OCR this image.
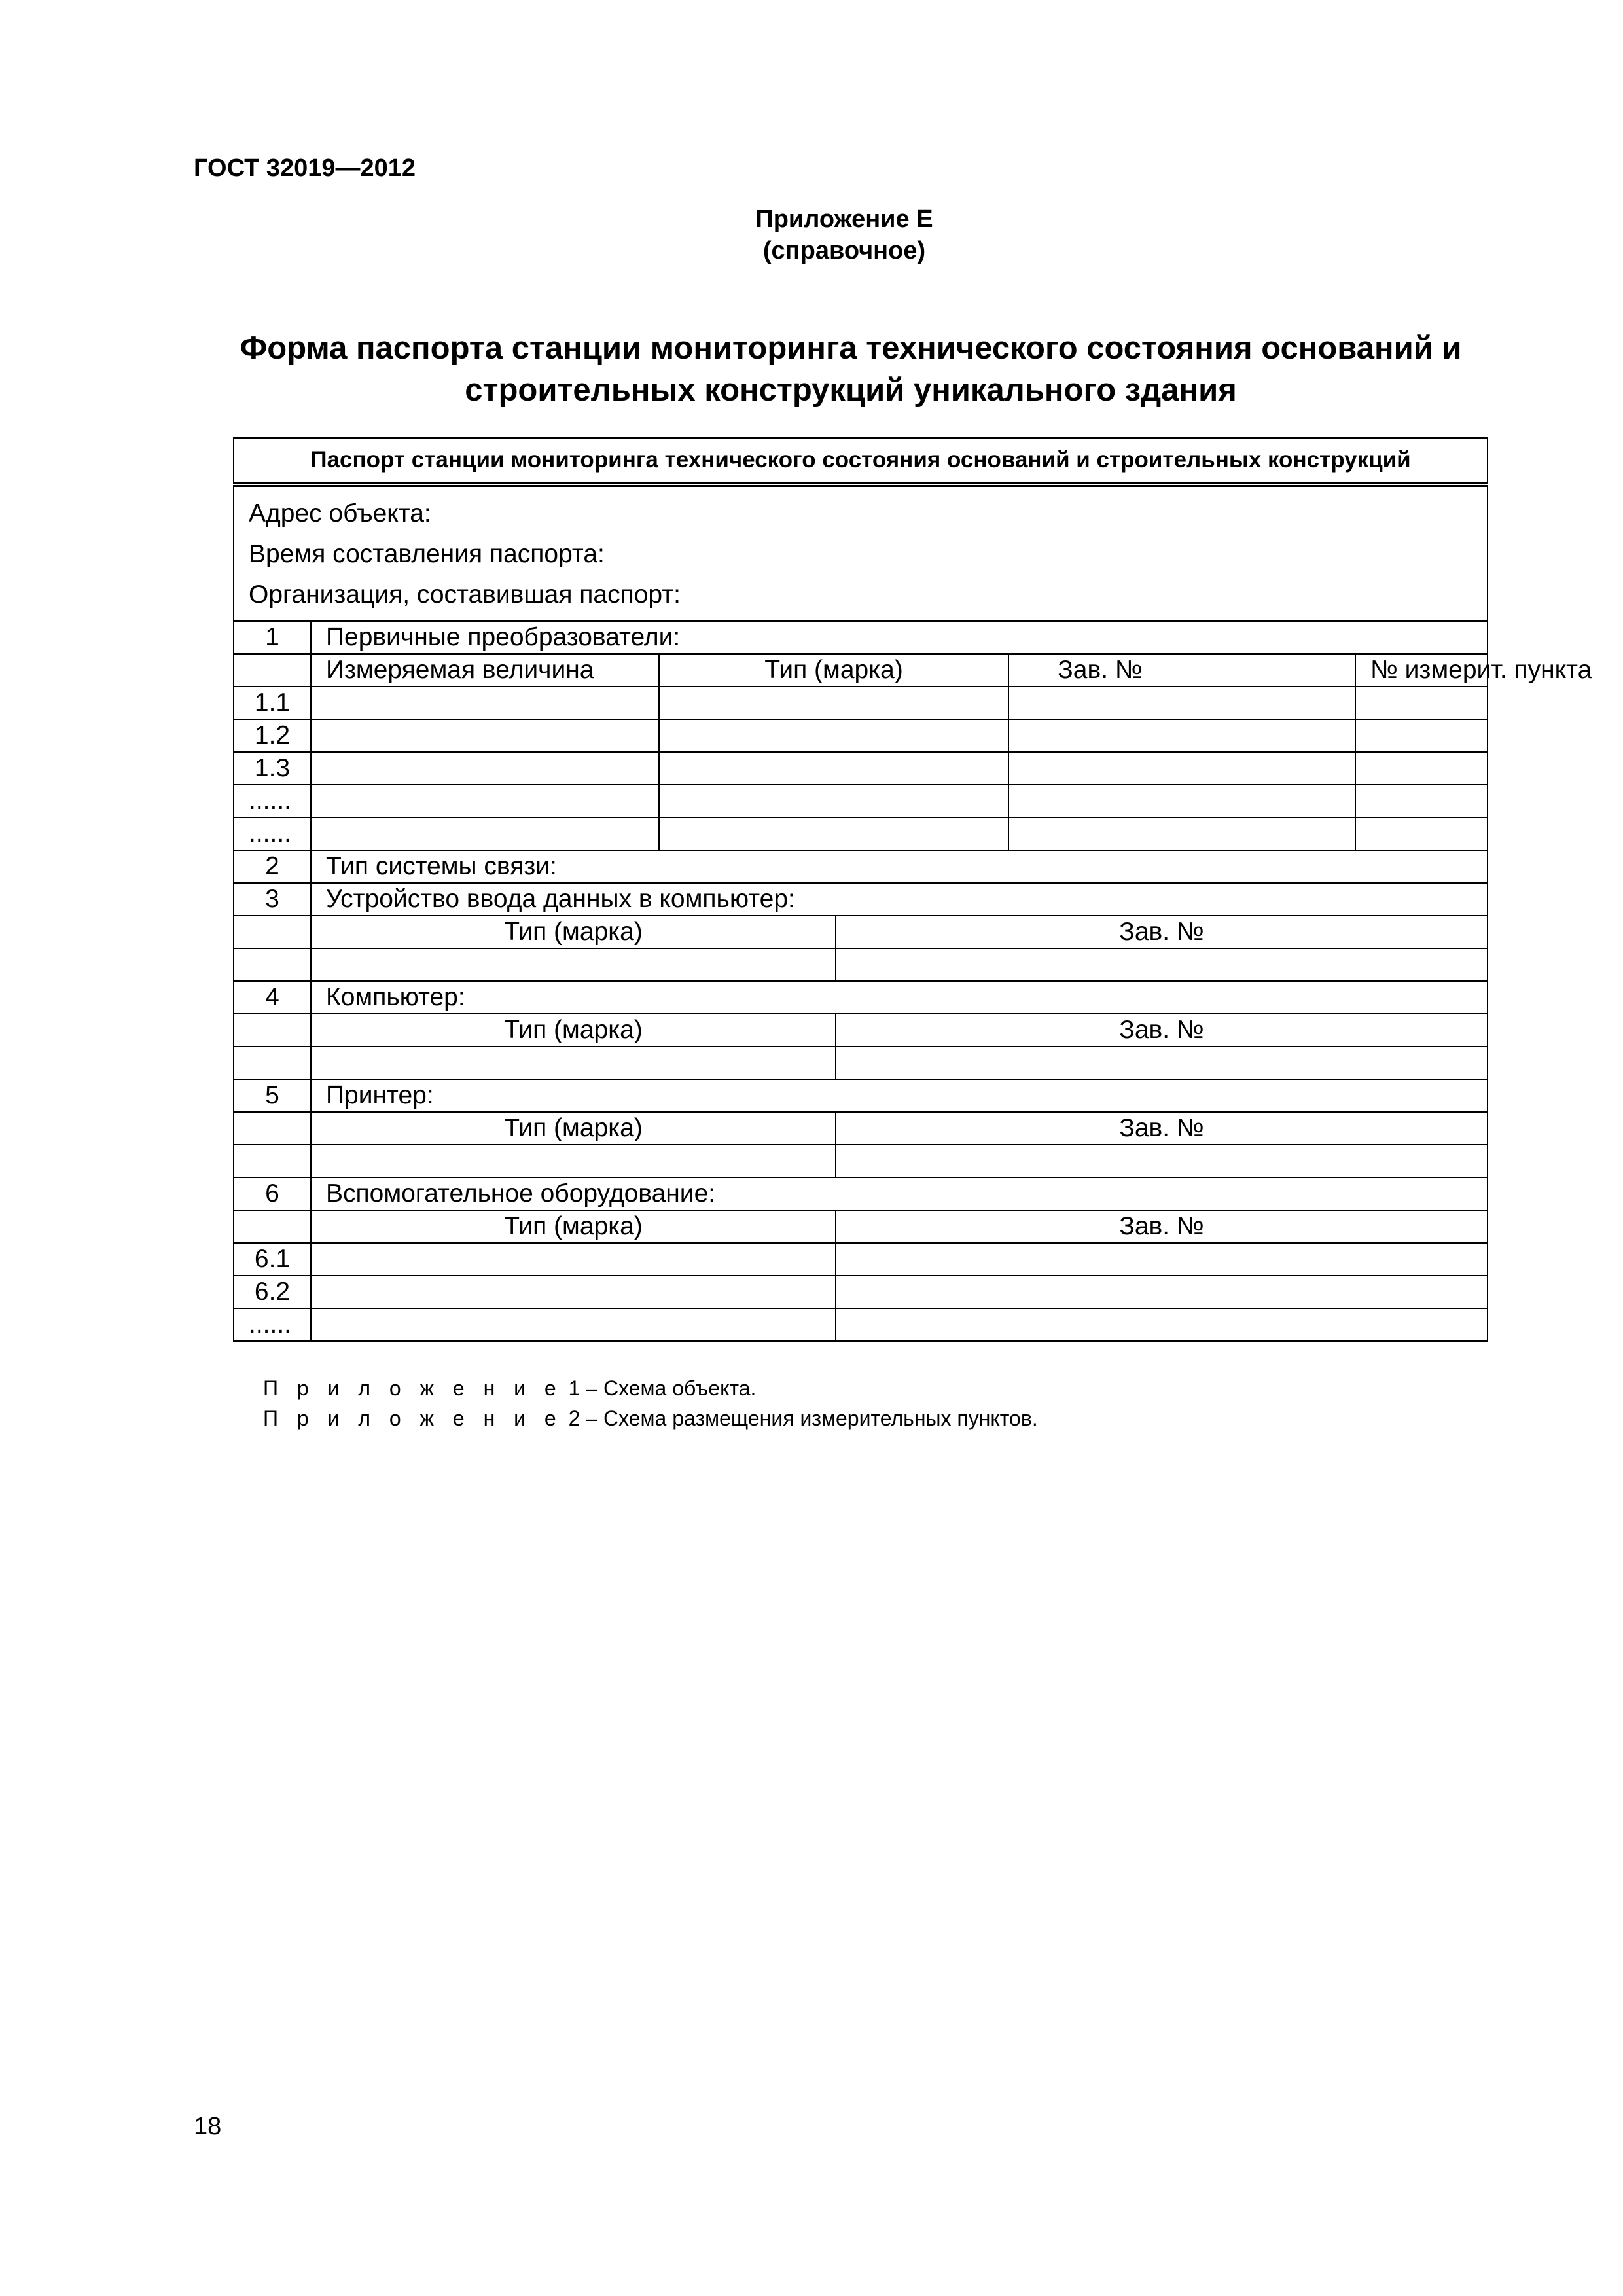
ГОСТ 32019—2012
Приложение Е
(справочное)
Форма паспорта станции мониторинга технического состояния оснований и
строительных конструкций уникального здания
Паспорт станции мониторинга технического состояния оснований и строительных конструкций					

Адрес объекта:
Время составления паспорта:
Организация, составившая паспорт:					

1	Первичные преобразователи:				
	Измеряемая величина	Тип (марка)		Зав. №	№ измерит. пункта
1.1					
1.2					
1.3					
......					
......					
2	Тип системы связи:				
3	Устройство ввода данных в компьютер:				
	Тип (марка)		Зав. №		

4	Компьютер:				
	Тип (марка)		Зав. №		

5	Принтер:				
	Тип (марка)		Зав. №		

6	Вспомогательное оборудование:				
	Тип (марка)		Зав. №		
6.1					
6.2					
......					
П р и л о ж е н и е 1 – Схема объекта.
П р и л о ж е н и е 2 – Схема размещения измерительных пунктов.
18
